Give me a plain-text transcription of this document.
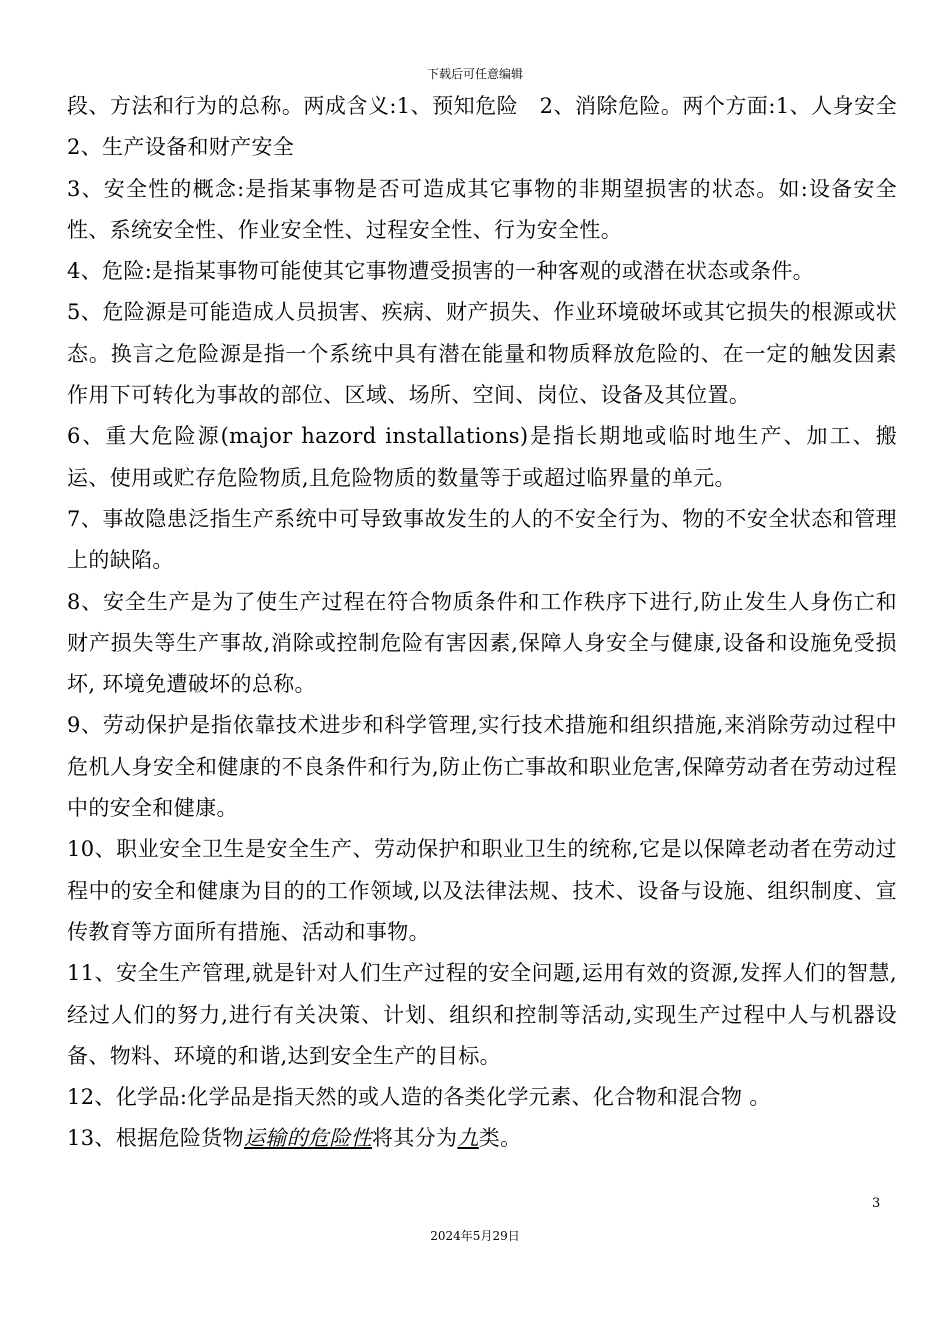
下载后可任意编辑

段、方法和行为的总称。两成含义:1、预知危险　2、消除危险。两个方面:1、人身安全　 2、生产设备和财产安全

3、安全性的概念:是指某事物是否可造成其它事物的非期望损害的状态。如:设备安全性、系统安全性、作业安全性、过程安全性、行为安全性。

4、危险:是指某事物可能使其它事物遭受损害的一种客观的或潜在状态或条件。

5、危险源是可能造成人员损害、疾病、财产损失、作业环境破坏或其它损失的根源或状态。换言之危险源是指一个系统中具有潜在能量和物质释放危险的、在一定的触发因素作用下可转化为事故的部位、区域、场所、空间、岗位、设备及其位置。

6、重大危险源(major hazord installations)是指长期地或临时地生产、加工、搬运、使用或贮存危险物质,且危险物质的数量等于或超过临界量的单元。

7、事故隐患泛指生产系统中可导致事故发生的人的不安全行为、物的不安全状态和管理上的缺陷。

8、安全生产是为了使生产过程在符合物质条件和工作秩序下进行,防止发生人身伤亡和财产损失等生产事故,消除或控制危险有害因素,保障人身安全与健康,设备和设施免受损坏, 环境免遭破坏的总称。

9、劳动保护是指依靠技术进步和科学管理,实行技术措施和组织措施,来消除劳动过程中危机人身安全和健康的不良条件和行为,防止伤亡事故和职业危害,保障劳动者在劳动过程中的安全和健康。

10、职业安全卫生是安全生产、劳动保护和职业卫生的统称,它是以保障老动者在劳动过程中的安全和健康为目的的工作领域,以及法律法规、技术、设备与设施、组织制度、宣传教育等方面所有措施、活动和事物。

11、安全生产管理,就是针对人们生产过程的安全问题,运用有效的资源,发挥人们的智慧,经过人们的努力,进行有关决策、计划、组织和控制等活动,实现生产过程中人与机器设备、物料、环境的和谐,达到安全生产的目标。

12、化学品:化学品是指天然的或人造的各类化学元素、化合物和混合物 。

13、根据危险货物运输的危险性将其分为九类。

3
2024年5月29日
